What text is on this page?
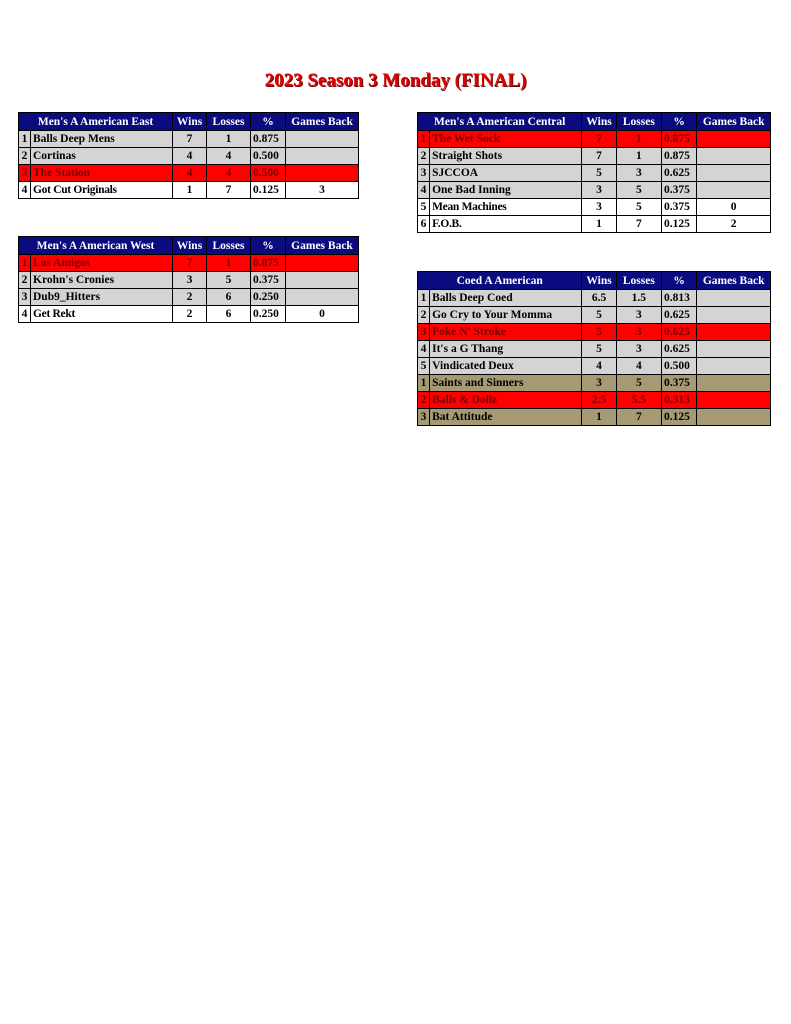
2023 Season 3 Monday (FINAL)
Men's A American East		Wins	Losses	%	Games Back
1	Balls Deep Mens	7	1	0.875	
2	Cortinas	4	4	0.500	
3	The Station	4	4	0.500	
4	Got Cut Originals	1	7	0.125	3
Men's A American West		Wins	Losses	%	Games Back
1	Los Amigos	7	1	0.875	
2	Krohn's Cronies	3	5	0.375	
3	Dub9_Hitters	2	6	0.250	
4	Get Rekt	2	6	0.250	0
Men's A American Central		Wins	Losses	%	Games Back
1	The Wet Sock	7	1	0.875	
2	Straight Shots	7	1	0.875	
3	SJCCOA	5	3	0.625	
4	One Bad Inning	3	5	0.375	
5	Mean Machines	3	5	0.375	0
6	F.O.B.	1	7	0.125	2
Coed A American		Wins	Losses	%	Games Back
1	Balls Deep Coed	6.5	1.5	0.813	
2	Go Cry to Your Momma	5	3	0.625	
3	Poke N' Stroke	5	3	0.625	
4	It's a G Thang	5	3	0.625	
5	Vindicated Deux	4	4	0.500	
1	Saints and Sinners	3	5	0.375	
2	Balls & Dollz	2.5	5.5	0.313	
3	Bat Attitude	1	7	0.125	
